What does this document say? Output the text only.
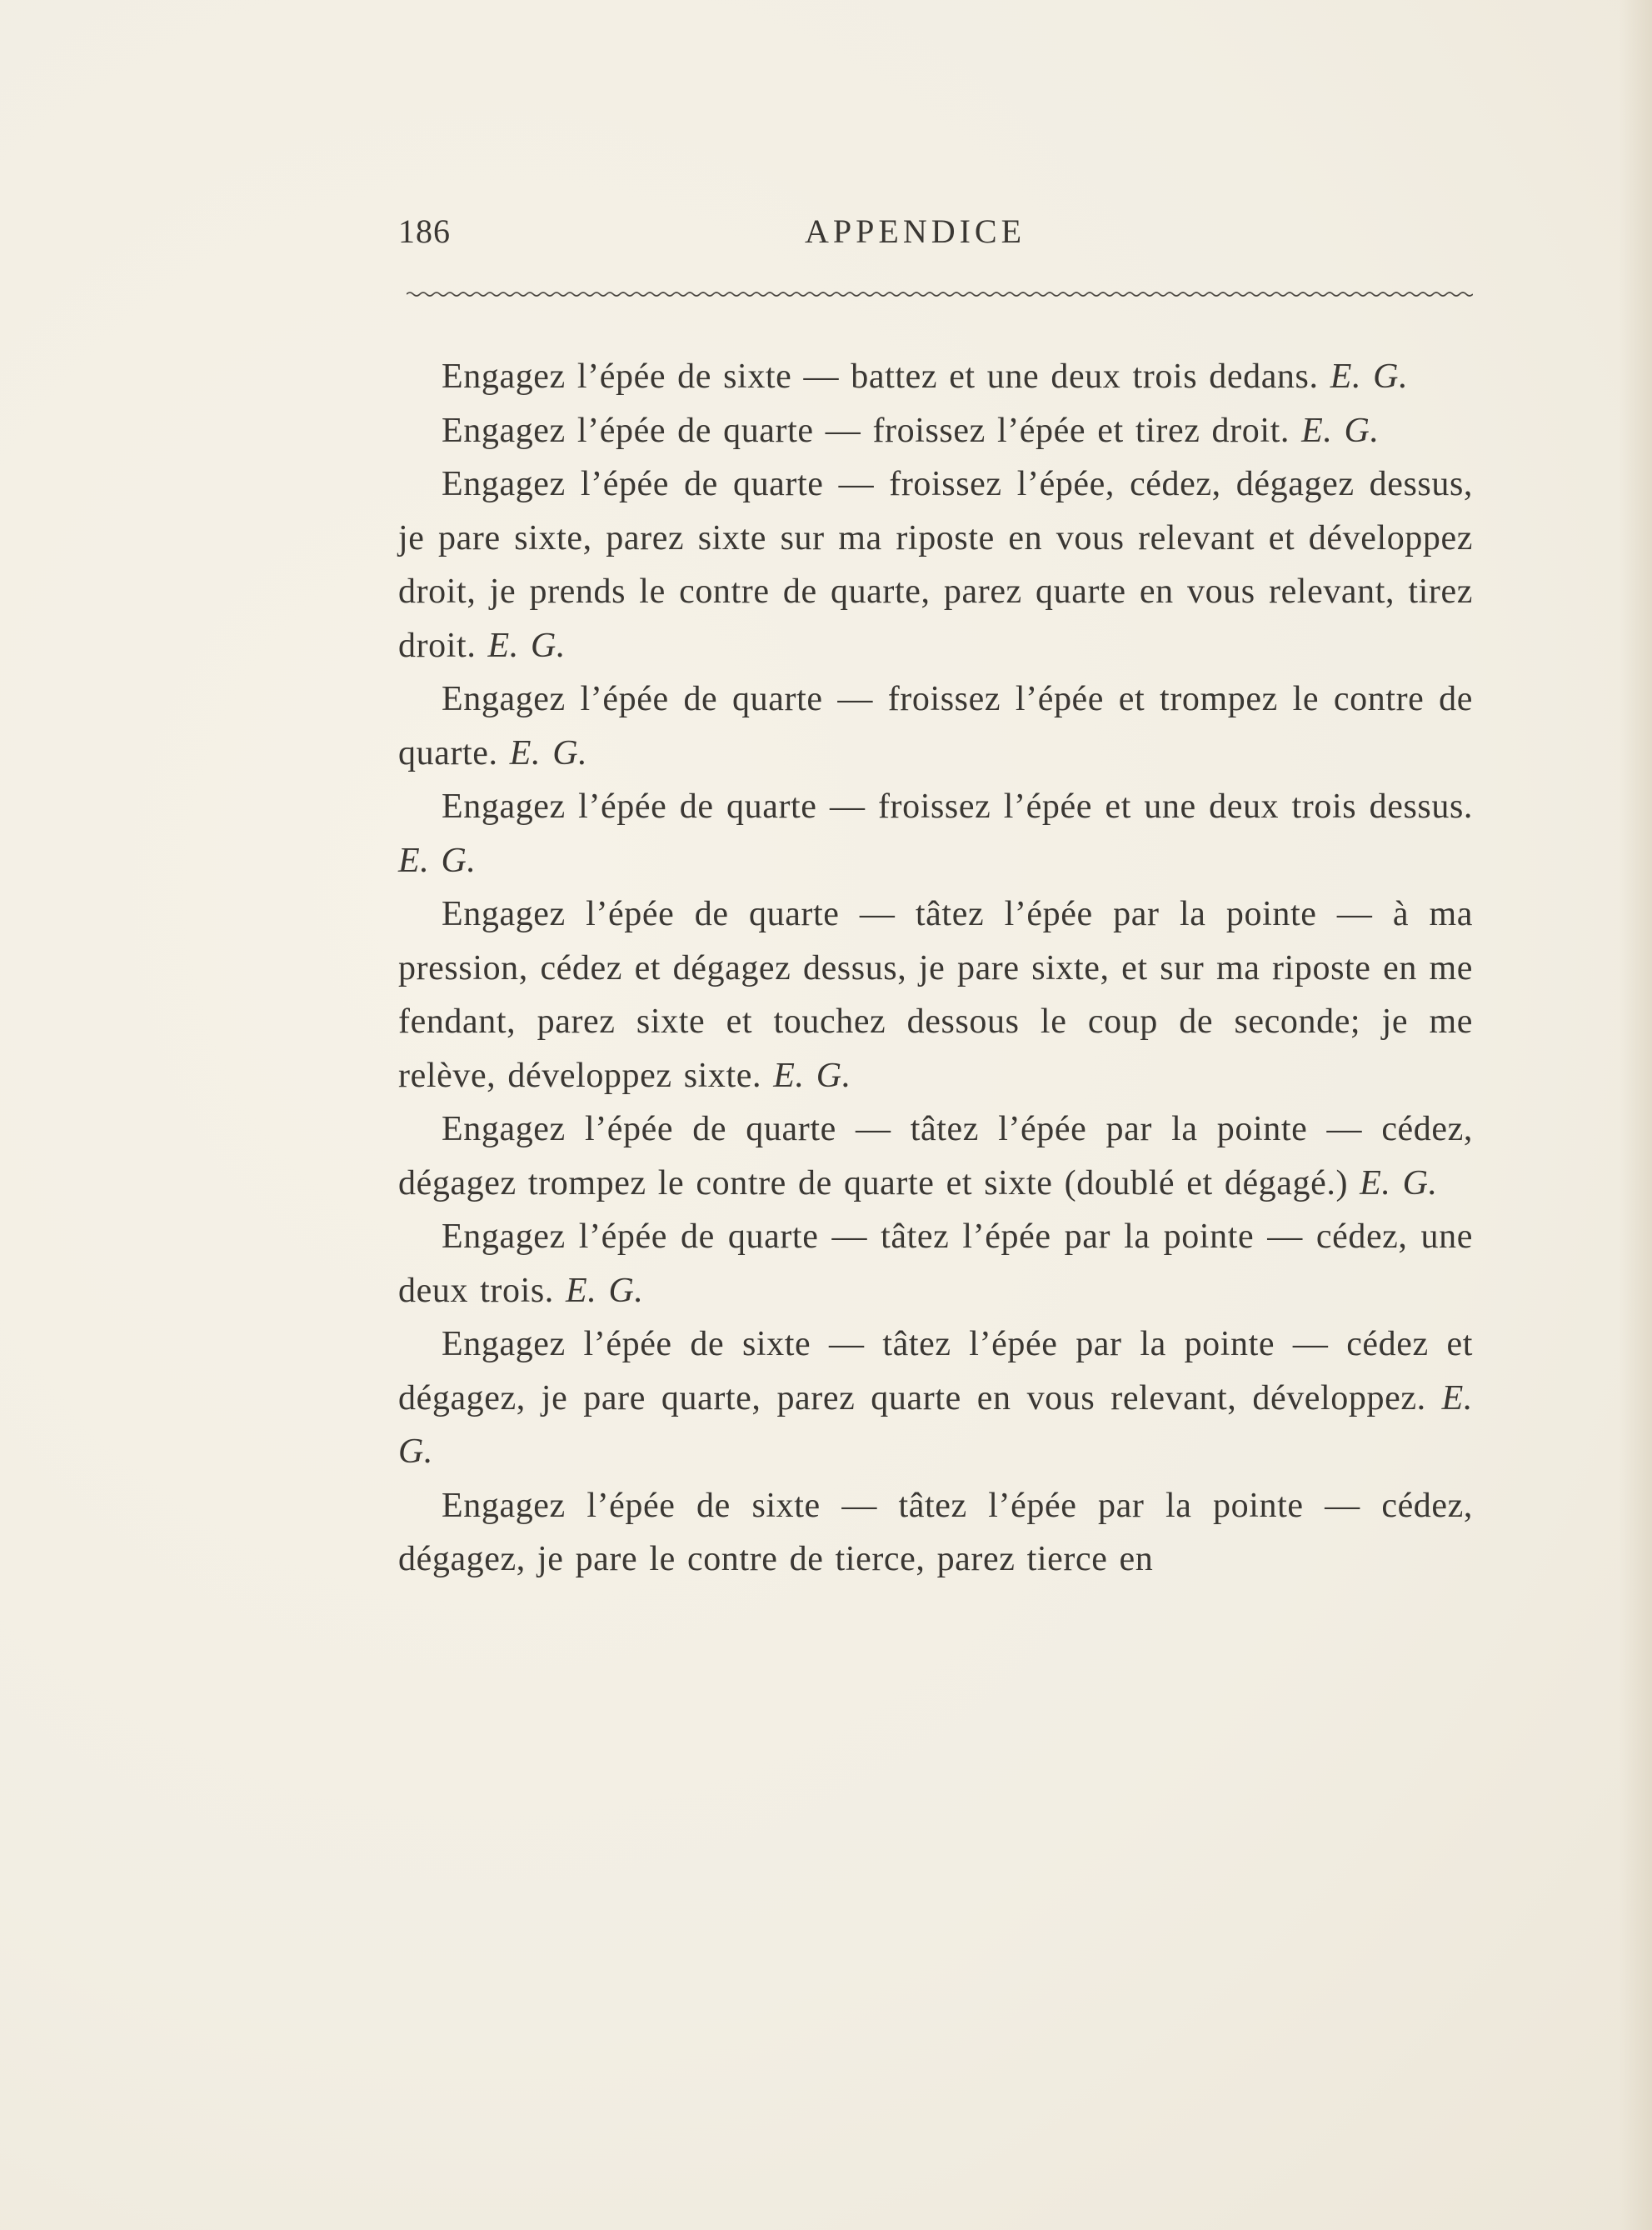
186	APPENDICE

Engagez l’épée de sixte — battez et une deux trois dedans. E. G.

Engagez l’épée de quarte — froissez l’épée et tirez droit. E. G.

Engagez l’épée de quarte — froissez l’épée, cédez, dégagez dessus, je pare sixte, parez sixte sur ma riposte en vous relevant et développez droit, je prends le contre de quarte, parez quarte en vous relevant, tirez droit. E. G.

Engagez l’épée de quarte — froissez l’épée et trompez le contre de quarte. E. G.

Engagez l’épée de quarte — froissez l’épée et une deux trois dessus. E. G.

Engagez l’épée de quarte — tâtez l’épée par la pointe — à ma pression, cédez et dégagez dessus, je pare sixte, et sur ma riposte en me fendant, parez sixte et touchez dessous le coup de seconde; je me relève, développez sixte. E. G.

Engagez l’épée de quarte — tâtez l’épée par la pointe — cédez, dégagez trompez le contre de quarte et sixte (doublé et dégagé.) E. G.

Engagez l’épée de quarte — tâtez l’épée par la pointe — cédez, une deux trois. E. G.

Engagez l’épée de sixte — tâtez l’épée par la pointe — cédez et dégagez, je pare quarte, parez quarte en vous relevant, développez. E. G.

Engagez l’épée de sixte — tâtez l’épée par la pointe — cédez, dégagez, je pare le contre de tierce, parez tierce en
